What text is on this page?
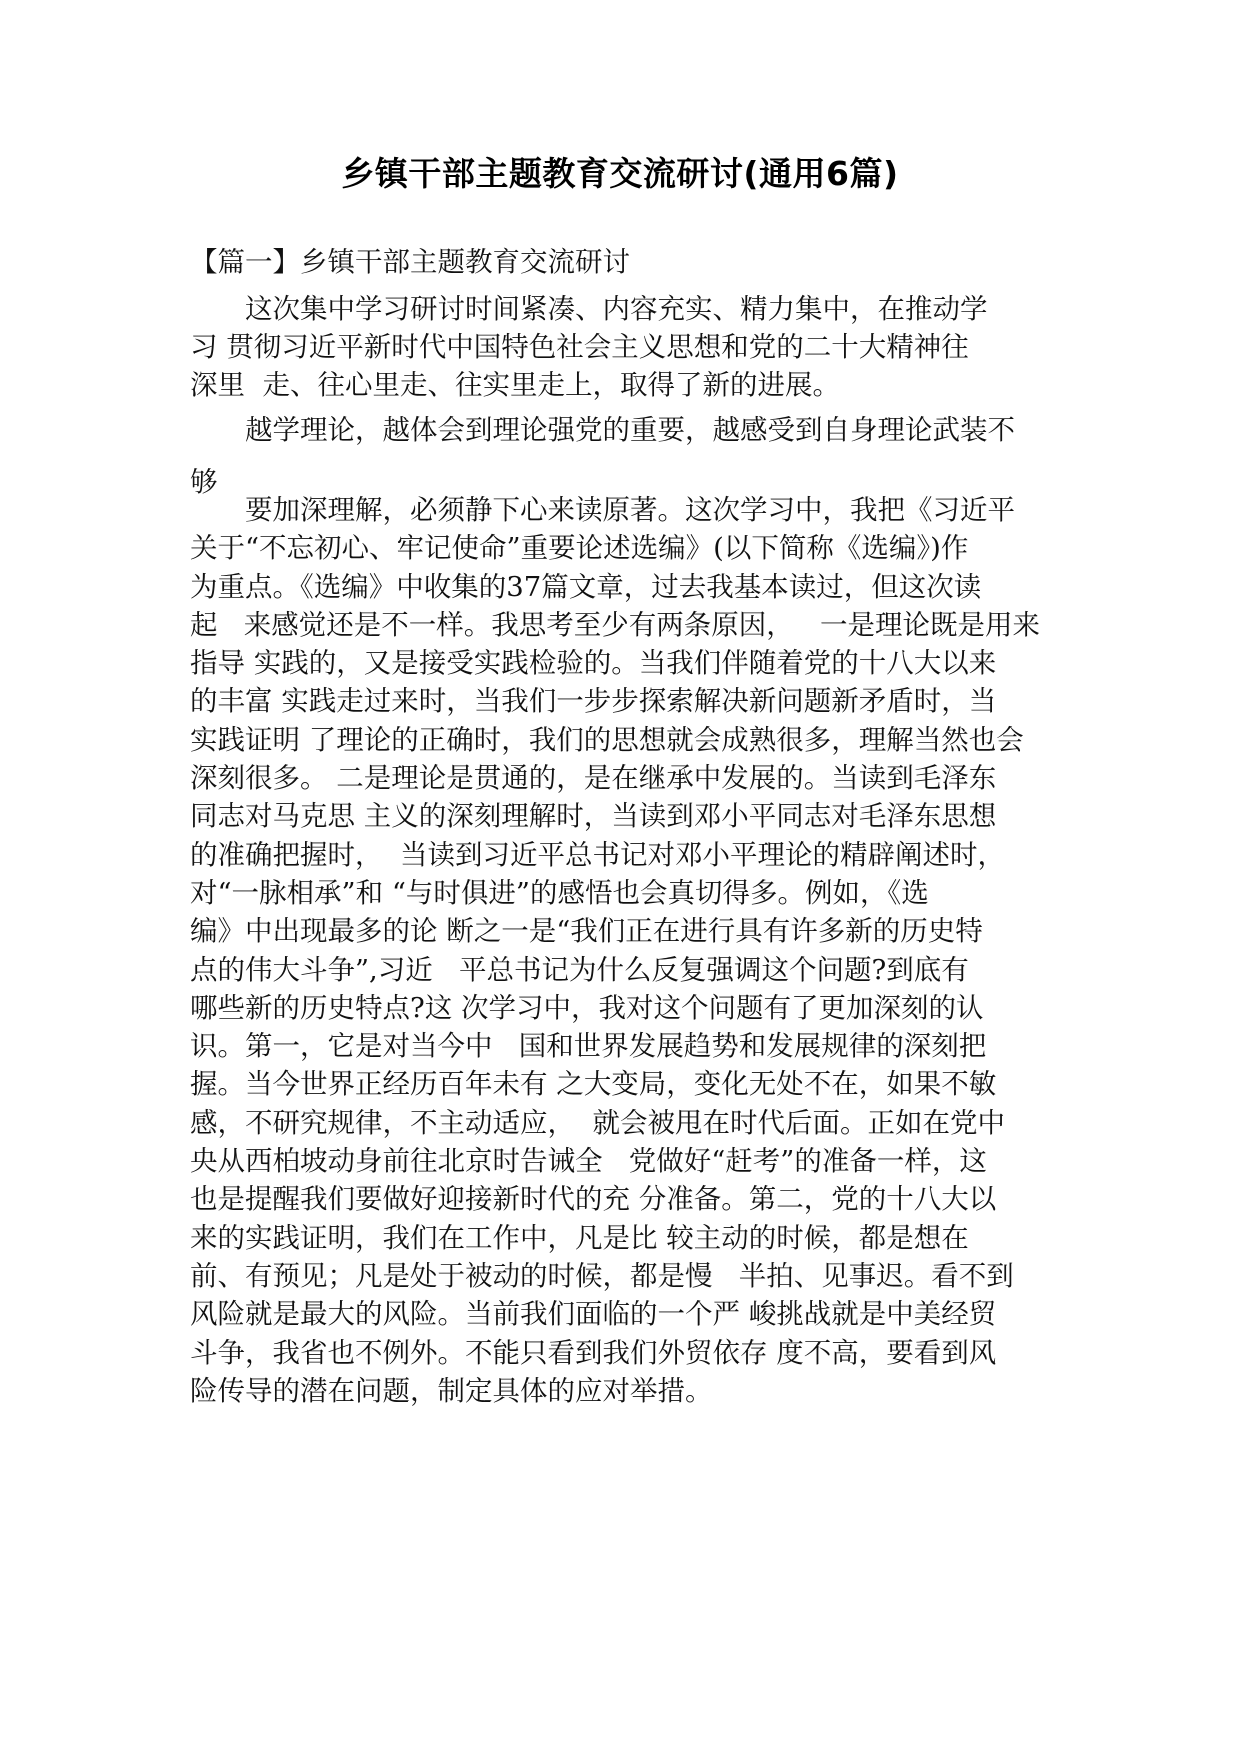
乡镇干部主题教育交流研讨(通用6篇)
【篇一】乡镇干部主题教育交流研讨

　　这次集中学习研讨时间紧凑、内容充实、精力集中，在推动学
习 贯彻习近平新时代中国特色社会主义思想和党的二十大精神往
深里  走、往心里走、往实里走上，取得了新的进展。

　　越学理论，越体会到理论强党的重要，越感受到自身理论武装不
够

　　要加深理解，必须静下心来读原著。这次学习中，我把《习近平
关于“不忘初心、牢记使命”重要论述选编》(以下简称《选编》)作
为重点。《选编》中收集的37篇文章，过去我基本读过，但这次读
起   来感觉还是不一样。我思考至少有两条原因，   一是理论既是用来
指导 实践的，又是接受实践检验的。当我们伴随着党的十八大以来
的丰富 实践走过来时，当我们一步步探索解决新问题新矛盾时，当
实践证明 了理论的正确时，我们的思想就会成熟很多，理解当然也会
深刻很多。 二是理论是贯通的，是在继承中发展的。当读到毛泽东
同志对马克思 主义的深刻理解时，当读到邓小平同志对毛泽东思想
的准确把握时，  当读到习近平总书记对邓小平理论的精辟阐述时，
对“一脉相承”和 “与时俱进”的感悟也会真切得多。例如，《选
编》中出现最多的论 断之一是“我们正在进行具有许多新的历史特
点的伟大斗争”,习近   平总书记为什么反复强调这个问题?到底有
哪些新的历史特点?这 次学习中，我对这个问题有了更加深刻的认
识。第一，它是对当今中   国和世界发展趋势和发展规律的深刻把
握。当今世界正经历百年未有 之大变局，变化无处不在，如果不敏
感，不研究规律，不主动适应，  就会被甩在时代后面。正如在党中
央从西柏坡动身前往北京时告诫全   党做好“赶考”的准备一样，这
也是提醒我们要做好迎接新时代的充 分准备。第二，党的十八大以
来的实践证明，我们在工作中，凡是比 较主动的时候，都是想在
前、有预见；凡是处于被动的时候，都是慢   半拍、见事迟。看不到
风险就是最大的风险。当前我们面临的一个严 峻挑战就是中美经贸
斗争，我省也不例外。不能只看到我们外贸依存 度不高，要看到风
险传导的潜在问题，制定具体的应对举措。
